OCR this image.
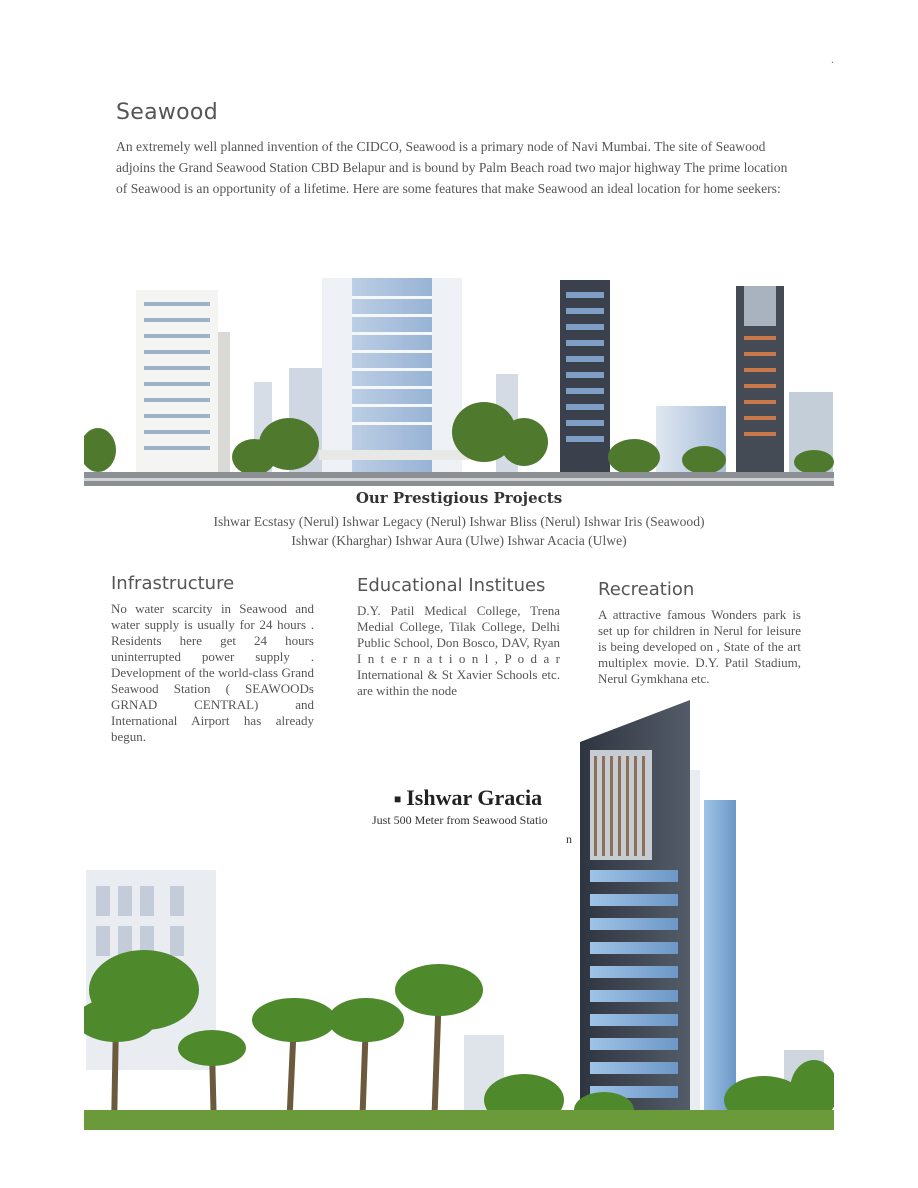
.
Seawood
An extremely well planned invention of the CIDCO, Seawood is a primary node of Navi Mumbai. The site of Seawood adjoins the Grand Seawood Station CBD Belapur and is bound by Palm Beach road two major highway The prime location of Seawood is an opportunity of a lifetime. Here are some features that make Seawood an ideal location for home seekers:
Our Prestigious Projects
Ishwar Ecstasy (Nerul) Ishwar Legacy (Nerul) Ishwar Bliss (Nerul) Ishwar Iris (Seawood)
Ishwar (Kharghar) Ishwar Aura (Ulwe) Ishwar Acacia (Ulwe)
Infrastructure
No water scarcity in Seawood and water supply is usually for 24 hours . Residents here get 24 hours uninterrupted power supply . Development of the world-class Grand Seawood Station ( SEAWOODs GRNAD CENTRAL) and International Airport has already begun.
Educational Institues
D.Y. Patil Medical College, Trena Medial College, Tilak College, Delhi Public School, Don Bosco, DAV, Ryan I n t e r n a t i o n l , P o d a r International & St Xavier Schools etc. are within the node
Recreation
A attractive famous Wonders park is set up for children in Nerul for leisure is being developed on , State of the art multiplex movie. D.Y. Patil Stadium, Nerul Gymkhana etc.
■ Ishwar Gracia
Just 500 Meter from Seawood Statio
n
